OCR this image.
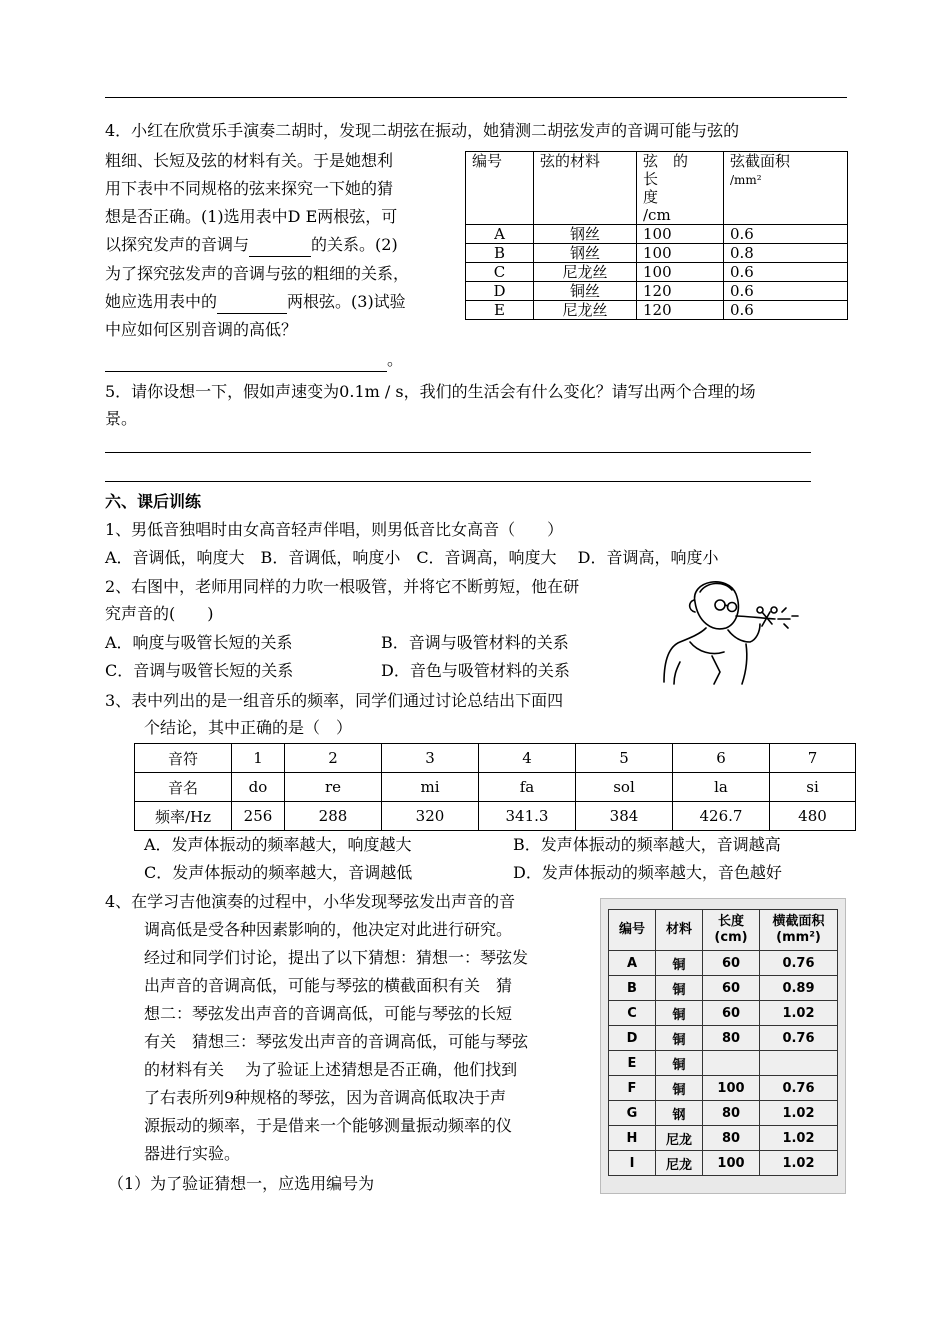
4．小红在欣赏乐手演奏二胡时，发现二胡弦在振动，她猜测二胡弦发声的音调可能与弦的
粗细、长短及弦的材料有关。于是她想利
用下表中不同规格的弦来探究一下她的猜
想是否正确。(1)选用表中D E两根弦，可
以探究发声的音调与	的关系。(2)
为了探究弦发声的音调与弦的粗细的关系，
她应选用表中的	两根弦。(3)试验
中应如何区别音调的高低？
。
编号	弦的材料	弦　的　长
度
/cm	弦截面积
/mm²
A	钢丝	100	0.6
B	钢丝	100	0.8
C	尼龙丝	100	0.6
D	铜丝	120	0.6
E	尼龙丝	120	0.6
5．请你设想一下，假如声速变为0.1m / s，我们的生活会有什么变化？请写出两个合理的场
景。
六、课后训练
1、男低音独唱时由女高音轻声伴唱，则男低音比女高音（　　）
A．音调低，响度大　B．音调低，响度小　C．音调高，响度大　 D．音调高，响度小
2、右图中，老师用同样的力吹一根吸管，并将它不断剪短，他在研
究声音的(　　)
A．响度与吸管长短的关系	B．音调与吸管材料的关系
C．音调与吸管长短的关系	D．音色与吸管材料的关系
3、表中列出的是一组音乐的频率，同学们通过讨论总结出下面四
个结论，其中正确的是（　）
音符	1	2	3	4	5	6	7
音名	do	re	mi	fa	sol	la	si
频率/Hz	256	288	320	341.3	384	426.7	480
A．发声体振动的频率越大，响度越大	B．发声体振动的频率越大，音调越高
C．发声体振动的频率越大，音调越低	D．发声体振动的频率越大，音色越好
4、在学习吉他演奏的过程中，小华发现琴弦发出声音的音
调高低是受各种因素影响的，他决定对此进行研究。
经过和同学们讨论，提出了以下猜想：猜想一：琴弦发
出声音的音调高低，可能与琴弦的横截面积有关　猜
想二：琴弦发出声音的音调高低，可能与琴弦的长短
有关　猜想三：琴弦发出声音的音调高低，可能与琴弦
的材料有关　 为了验证上述猜想是否正确，他们找到
了右表所列9种规格的琴弦，因为音调高低取决于声
源振动的频率，于是借来一个能够测量振动频率的仪
器进行实验。
（1）为了验证猜想一，应选用编号为
编号	材料	长度
(cm)	横截面积
(mm²)
A	铜	60	0.76
B	铜	60	0.89
C	铜	60	1.02
D	铜	80	0.76
E	铜		
F	铜	100	0.76
G	钢	80	1.02
H	尼龙	80	1.02
I	尼龙	100	1.02
